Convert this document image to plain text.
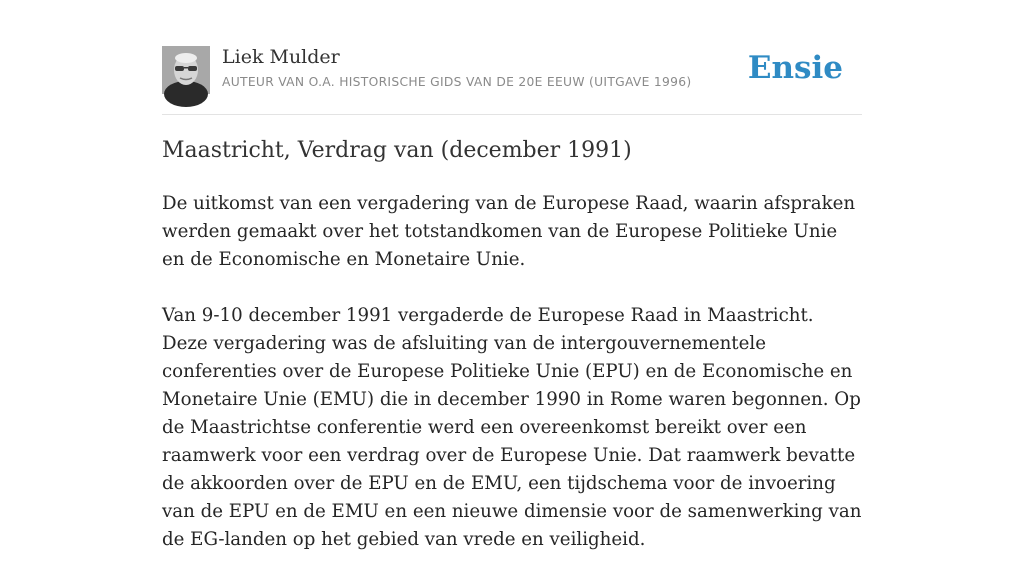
Liek Mulder
AUTEUR VAN O.A. HISTORISCHE GIDS VAN DE 20E EEUW (UITGAVE 1996) Ensie
Maastricht, Verdrag van (december 1991)

De uitkomst van een vergadering van de Europese Raad, waarin afspraken werden gemaakt over het totstandkomen van de Europese Politieke Unie en de Economische en Monetaire Unie.

Van 9-10 december 1991 vergaderde de Europese Raad in Maastricht. Deze vergadering was de afsluiting van de intergouvernementele conferenties over de Europese Politieke Unie (EPU) en de Economische en Monetaire Unie (EMU) die in december 1990 in Rome waren begonnen. Op de Maastrichtse conferentie werd een overeenkomst bereikt over een raamwerk voor een verdrag over de Europese Unie. Dat raamwerk bevatte de akkoorden over de EPU en de EMU, een tijdschema voor de invoering van de EPU en de EMU en een nieuwe dimensie voor de samenwerking van de EG-landen op het gebied van vrede en veiligheid.
